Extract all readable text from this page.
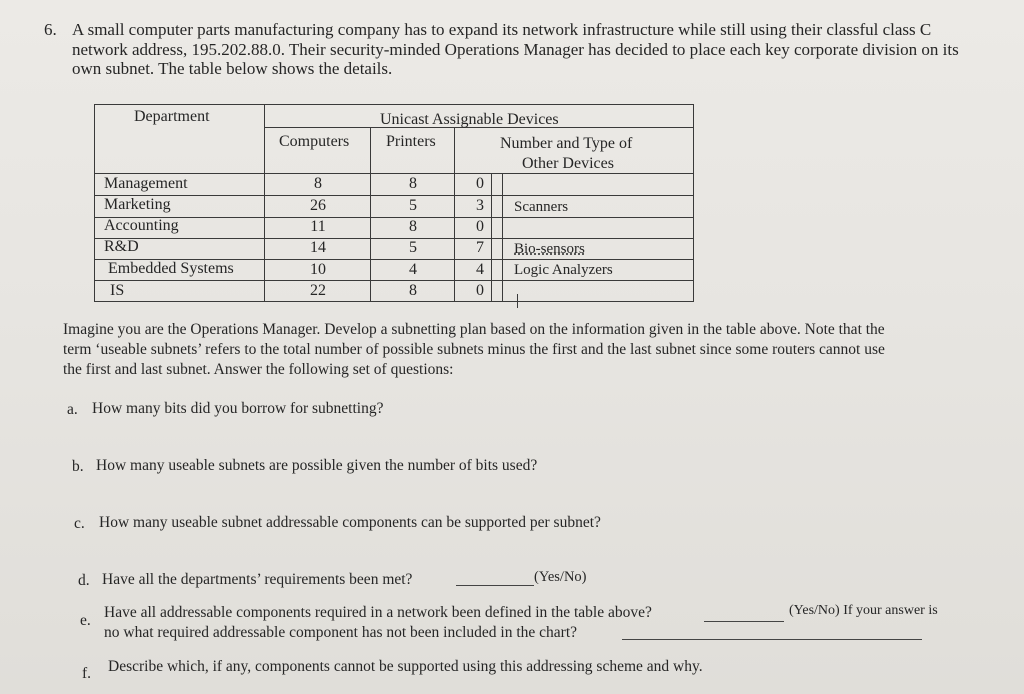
6. A small computer parts manufacturing company has to expand its network infrastructure while still using their classful class C
network address, 195.202.88.0. Their security-minded Operations Manager has decided to place each key corporate division on its
own subnet. The table below shows the details.
Department	Unicast Assignable Devices
Computers Printers	Number and Type of
Other Devices
Management	8	8	0
Marketing	26	5	3	Scanners
Accounting	11	8	0
R&D	14	5	7	Bio-sensors
Embedded Systems	10	4	4	Logic Analyzers
IS	22	8	0
Imagine you are the Operations Manager. Develop a subnetting plan based on the information given in the table above. Note that the
term ‘useable subnets’ refers to the total number of possible subnets minus the first and the last subnet since some routers cannot use
the first and last subnet. Answer the following set of questions:
a. How many bits did you borrow for subnetting?
b. How many useable subnets are possible given the number of bits used?
c. How many useable subnet addressable components can be supported per subnet?
d. Have all the departments’ requirements been met?	(Yes/No)
e. Have all addressable components required in a network been defined in the table above?	(Yes/No) If your answer is
no what required addressable component has not been included in the chart?
f. Describe which, if any, components cannot be supported using this addressing scheme and why.
